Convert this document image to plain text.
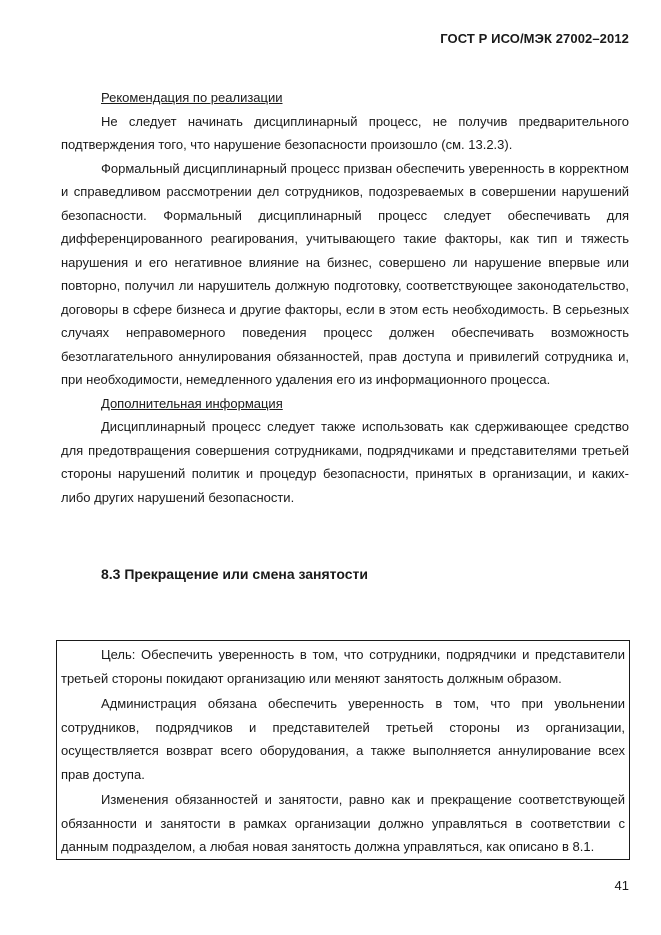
ГОСТ Р ИСО/МЭК 27002–2012
Рекомендация по реализации

Не следует начинать дисциплинарный процесс, не получив предварительного подтверждения того, что нарушение безопасности произошло (см. 13.2.3).

Формальный дисциплинарный процесс призван обеспечить уверенность в корректном и справедливом рассмотрении дел сотрудников, подозреваемых в совершении нарушений безопасности. Формальный дисциплинарный процесс следует обеспечивать для дифференцированного реагирования, учитывающего такие факторы, как тип и тяжесть нарушения и его негативное влияние на бизнес, совершено ли нарушение впервые или повторно, получил ли нарушитель должную подготовку, соответствующее законодательство, договоры в сфере бизнеса и другие факторы, если в этом есть необходимость. В серьезных случаях неправомерного поведения процесс должен обеспечивать возможность безотлагательного аннулирования обязанностей, прав доступа и привилегий сотрудника и, при необходимости, немедленного удаления его из информационного процесса.

Дополнительная информация

Дисциплинарный процесс следует также использовать как сдерживающее средство для предотвращения совершения сотрудниками, подрядчиками и представителями третьей стороны нарушений политик и процедур безопасности, принятых в организации, и каких-либо других нарушений безопасности.

8.3 Прекращение или смена занятости

Цель: Обеспечить уверенность в том, что сотрудники, подрядчики и представители третьей стороны покидают организацию или меняют занятость должным образом.

Администрация обязана обеспечить уверенность в том, что при увольнении сотрудников, подрядчиков и представителей третьей стороны из организации, осуществляется возврат всего оборудования, а также выполняется аннулирование всех прав доступа.

Изменения обязанностей и занятости, равно как и прекращение соответствующей обязанности и занятости в рамках организации должно управляться в соответствии с данным подразделом, а любая новая занятость должна управляться, как описано в 8.1.

41
